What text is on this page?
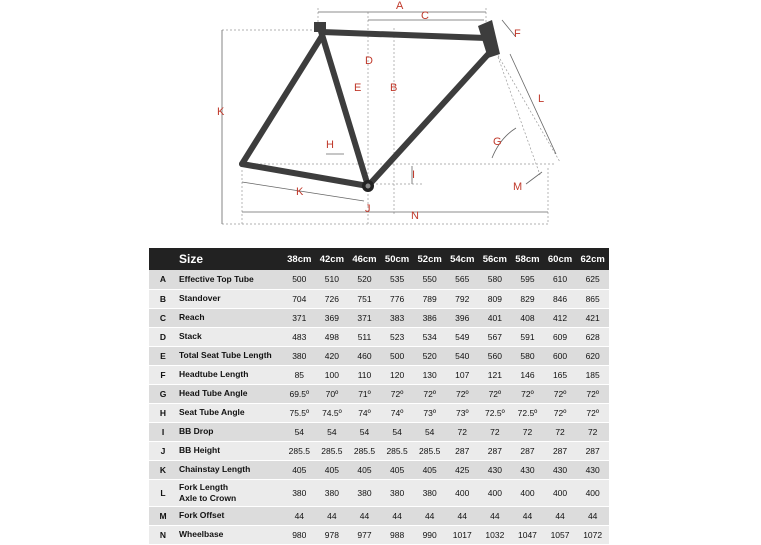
A
B
C
D
E
F
G
H
I
J
K
L
M
N
K
	Size	38cm	42cm	46cm	50cm	52cm	54cm	56cm	58cm	60cm	62cm
A	Effective Top Tube	500	510	520	535	550	565	580	595	610	625
B	Standover	704	726	751	776	789	792	809	829	846	865
C	Reach	371	369	371	383	386	396	401	408	412	421
D	Stack	483	498	511	523	534	549	567	591	609	628
E	Total Seat Tube Length	380	420	460	500	520	540	560	580	600	620
F	Headtube Length	85	100	110	120	130	107	121	146	165	185
G	Head Tube Angle	69.5º	70º	71º	72º	72º	72º	72º	72º	72º	72º
H	Seat Tube Angle	75.5º	74.5º	74º	74º	73º	73º	72.5º	72.5º	72º	72º
I	BB Drop	54	54	54	54	54	72	72	72	72	72
J	BB Height	285.5	285.5	285.5	285.5	285.5	287	287	287	287	287
K	Chainstay Length	405	405	405	405	405	425	430	430	430	430
L	Fork Length
Axle to Crown	380	380	380	380	380	400	400	400	400	400
M	Fork Offset	44	44	44	44	44	44	44	44	44	44
N	Wheelbase	980	978	977	988	990	1017	1032	1047	1057	1072
